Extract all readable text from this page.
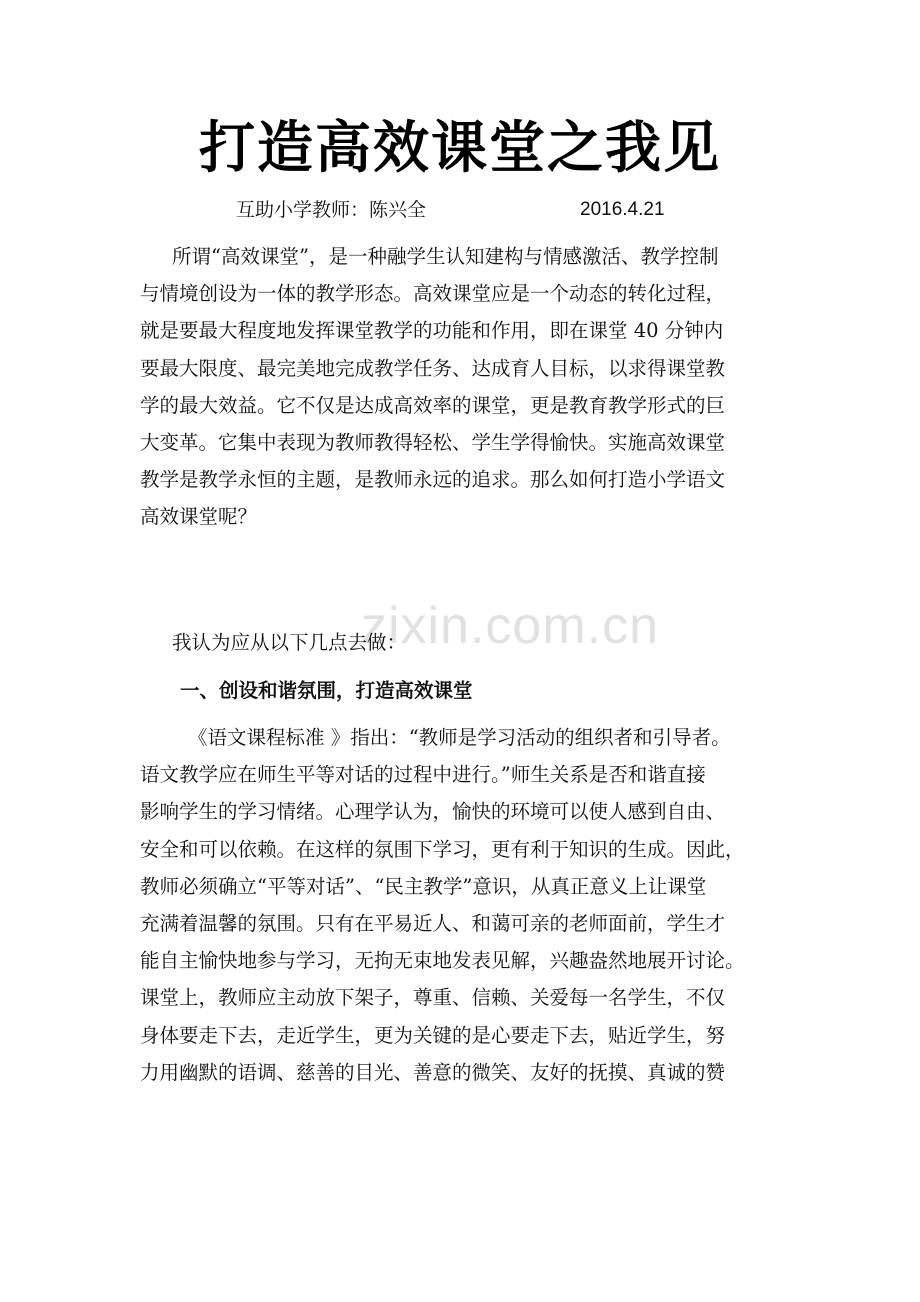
zixin.com.cn
打造高效课堂之我见
互助小学教师：陈兴全	2016.4.21
所谓“高效课堂”，是一种融学生认知建构与情感激活、教学控制
与情境创设为一体的教学形态。高效课堂应是一个动态的转化过程，
就是要最大程度地发挥课堂教学的功能和作用，即在课堂 40 分钟内
要最大限度、最完美地完成教学任务、达成育人目标，以求得课堂教
学的最大效益。它不仅是达成高效率的课堂，更是教育教学形式的巨
大变革。它集中表现为教师教得轻松、学生学得愉快。实施高效课堂
教学是教学永恒的主题，是教师永远的追求。那么如何打造小学语文
高效课堂呢？
我认为应从以下几点去做：
一、创设和谐氛围，打造高效课堂
《语文课程标准 》指出：“教师是学习活动的组织者和引导者。
语文教学应在师生平等对话的过程中进行。”师生关系是否和谐直接
影响学生的学习情绪。心理学认为，愉快的环境可以使人感到自由、
安全和可以依赖。在这样的氛围下学习，更有利于知识的生成。因此，
教师必须确立“平等对话”、“民主教学”意识，从真正意义上让课堂
充满着温馨的氛围。只有在平易近人、和蔼可亲的老师面前，学生才
能自主愉快地参与学习，无拘无束地发表见解，兴趣盎然地展开讨论。
课堂上，教师应主动放下架子，尊重、信赖、关爱每一名学生，不仅
身体要走下去，走近学生，更为关键的是心要走下去，贴近学生，努
力用幽默的语调、慈善的目光、善意的微笑、友好的抚摸、真诚的赞
